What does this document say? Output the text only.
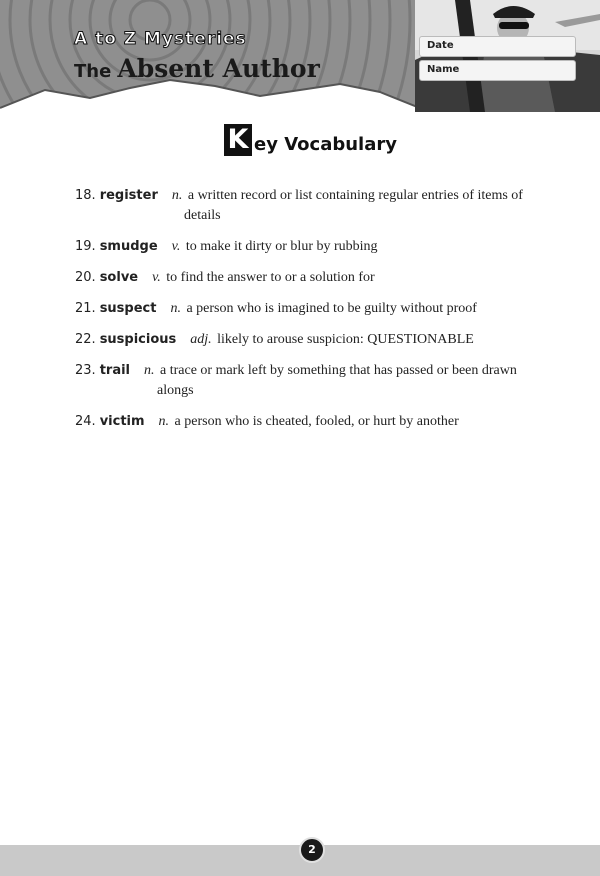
A to Z Mysteries
The Absent Author
Date
Name
K ey Vocabulary
18. register n. a written record or list containing regular entries of items of
details
19. smudge v. to make it dirty or blur by rubbing
20. solve v. to find the answer to or a solution for
21. suspect n. a person who is imagined to be guilty without proof
22. suspicious adj. likely to arouse suspicion: QUESTIONABLE
23. trail n. a trace or mark left by something that has passed or been drawn
alongs
24. victim n. a person who is cheated, fooled, or hurt by another
2
